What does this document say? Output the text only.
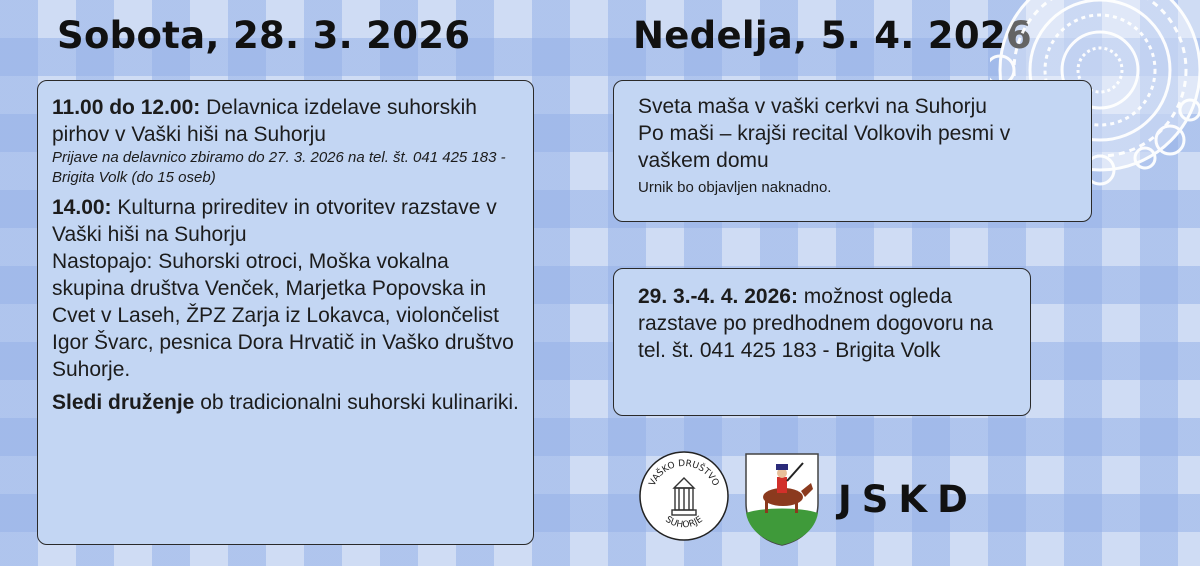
Sobota, 28. 3. 2026	Nedelja, 5. 4. 2026
11.00 do 12.00: Delavnica izdelave suhorskih pirhov v Vaški hiši na Suhorju
Prijave na delavnico zbiramo do 27. 3. 2026 na tel. št. 041 425 183 - Brigita Volk (do 15 oseb)
14.00: Kulturna prireditev in otvoritev razstave v Vaški hiši na Suhorju
Nastopajo: Suhorski otroci, Moška vokalna skupina društva Venček, Marjetka Popovska in Cvet v Laseh, ŽPZ Zarja iz Lokavca, violončelist Igor Švarc, pesnica Dora Hrvatič in Vaško društvo Suhorje.
Sledi druženje ob tradicionalni suhorski kulinariki.
Sveta maša v vaški cerkvi na Suhorju
Po maši – krajši recital Volkovih pesmi v vaškem domu
Urnik bo objavljen naknadno.
29. 3.-4. 4. 2026: možnost ogleda razstave po predhodnem dogovoru na tel. št. 041 425 183 - Brigita Volk
VAŠKO DRUŠTVO
SUHORJE	JSKD
